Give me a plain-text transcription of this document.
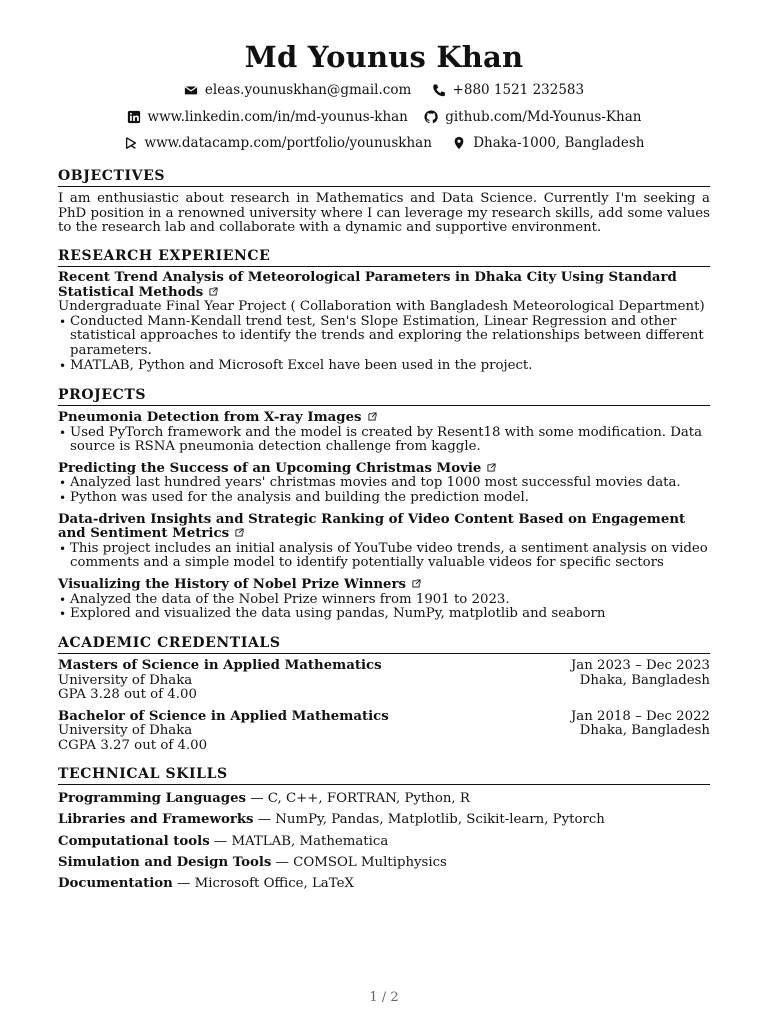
Md Younus Khan
eleas.younuskhan@gmail.com
	+880 1521 232583
www.linkedin.com/in/md-younus-khan
	github.com/Md-Younus-Khan
www.datacamp.com/portfolio/younuskhan
	Dhaka-1000, Bangladesh
OBJECTIVES
I am enthusiastic about research in Mathematics and Data Science. Currently I'm seeking a PhD position in a renowned university where I can leverage my research skills, add some values to the research lab and collaborate with a dynamic and supportive environment.
RESEARCH EXPERIENCE
Recent Trend Analysis of Meteorological Parameters in Dhaka City Using Standard Statistical Methods
Undergraduate Final Year Project ( Collaboration with Bangladesh Meteorological Department)
• Conducted Mann-Kendall trend test, Sen's Slope Estimation, Linear Regression and other statistical approaches to identify the trends and exploring the relationships between different parameters.
• MATLAB, Python and Microsoft Excel have been used in the project.
PROJECTS
Pneumonia Detection from X-ray Images
• Used PyTorch framework and the model is created by Resent18 with some modification. Data source is RSNA pneumonia detection challenge from kaggle.
Predicting the Success of an Upcoming Christmas Movie
• Analyzed last hundred years' christmas movies and top 1000 most successful movies data.
• Python was used for the analysis and building the prediction model.
Data-driven Insights and Strategic Ranking of Video Content Based on Engagement and Sentiment Metrics
• This project includes an initial analysis of YouTube video trends, a sentiment analysis on video comments and a simple model to identify potentially valuable videos for specific sectors
Visualizing the History of Nobel Prize Winners
• Analyzed the data of the Nobel Prize winners from 1901 to 2023.
• Explored and visualized the data using pandas, NumPy, matplotlib and seaborn
ACADEMIC CREDENTIALS
Masters of Science in Applied Mathematics	Jan 2023 – Dec 2023
University of Dhaka	Dhaka, Bangladesh
GPA 3.28 out of 4.00
Bachelor of Science in Applied Mathematics	Jan 2018 – Dec 2022
University of Dhaka	Dhaka, Bangladesh
CGPA 3.27 out of 4.00
TECHNICAL SKILLS
Programming Languages — C, C++, FORTRAN, Python, R
Libraries and Frameworks — NumPy, Pandas, Matplotlib, Scikit-learn, Pytorch
Computational tools — MATLAB, Mathematica
Simulation and Design Tools — COMSOL Multiphysics
Documentation — Microsoft Office, LaTeX
1 / 2
